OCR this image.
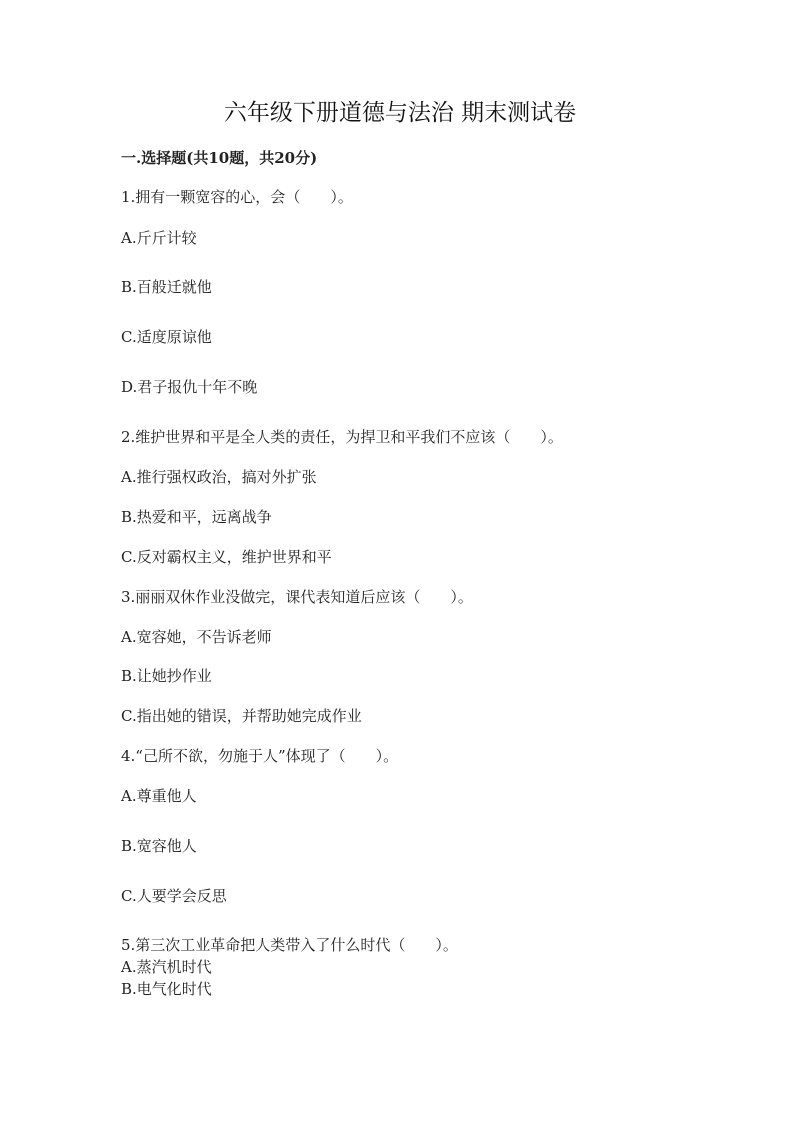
六年级下册道德与法治 期末测试卷
一.选择题(共10题，共20分)
1.拥有一颗宽容的心，会（　　）。
A.斤斤计较
B.百般迁就他
C.适度原谅他
D.君子报仇十年不晚
2.维护世界和平是全人类的责任，为捍卫和平我们不应该（　　）。
A.推行强权政治，搞对外扩张
B.热爱和平，远离战争
C.反对霸权主义，维护世界和平
3.丽丽双休作业没做完，课代表知道后应该（　　）。
A.宽容她，不告诉老师
B.让她抄作业
C.指出她的错误，并帮助她完成作业
4.“己所不欲，勿施于人”体现了（　　）。
A.尊重他人
B.宽容他人
C.人要学会反思
5.第三次工业革命把人类带入了什么时代（　　）。
A.蒸汽机时代
B.电气化时代
